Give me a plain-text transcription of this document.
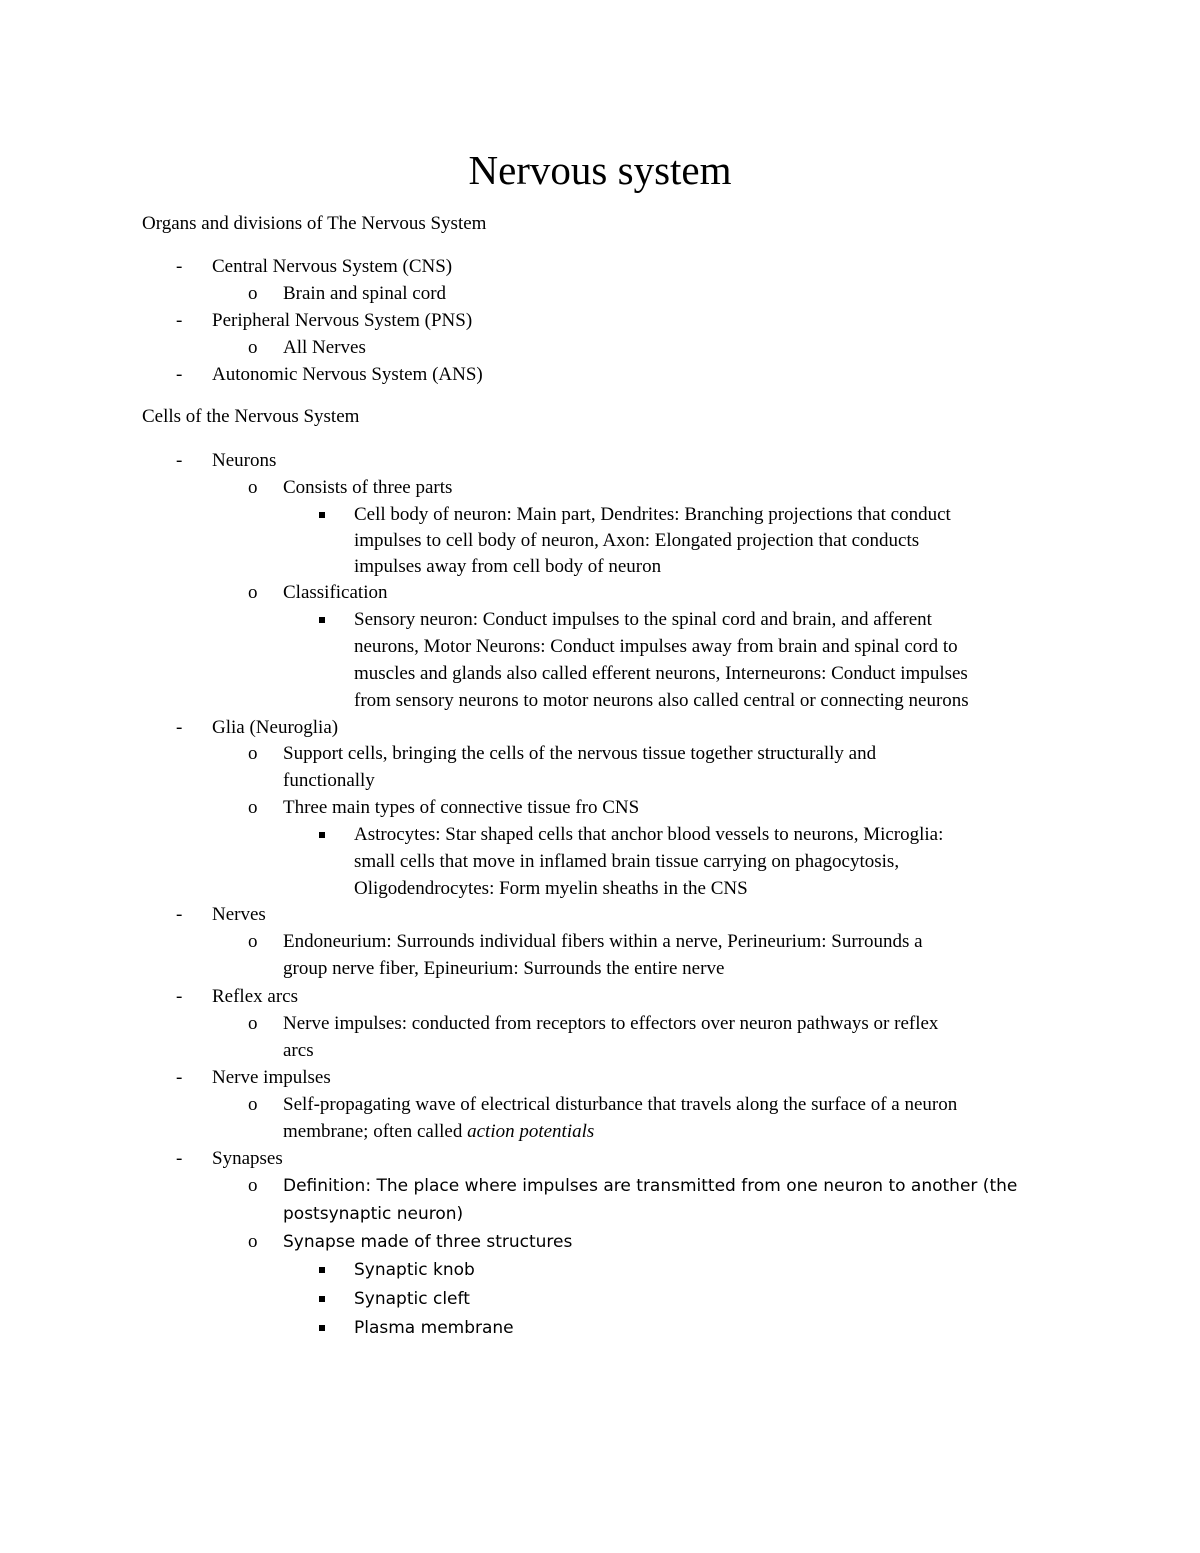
Nervous system
Organs and divisions of The Nervous System
- Central Nervous System (CNS)
o Brain and spinal cord
- Peripheral Nervous System (PNS)
o All Nerves
- Autonomic Nervous System (ANS)
Cells of the Nervous System
- Neurons
o Consists of three parts
Cell body of neuron: Main part, Dendrites: Branching projections that conduct
impulses to cell body of neuron, Axon: Elongated projection that conducts
impulses away from cell body of neuron
o Classification
Sensory neuron: Conduct impulses to the spinal cord and brain, and afferent
neurons, Motor Neurons: Conduct impulses away from brain and spinal cord to
muscles and glands also called efferent neurons, Interneurons: Conduct impulses
from sensory neurons to motor neurons also called central or connecting neurons
- Glia (Neuroglia)
o Support cells, bringing the cells of the nervous tissue together structurally and
functionally
o Three main types of connective tissue fro CNS
Astrocytes: Star shaped cells that anchor blood vessels to neurons, Microglia:
small cells that move in inflamed brain tissue carrying on phagocytosis,
Oligodendrocytes: Form myelin sheaths in the CNS
- Nerves
o Endoneurium: Surrounds individual fibers within a nerve, Perineurium: Surrounds a
group nerve fiber, Epineurium: Surrounds the entire nerve
- Reflex arcs
o Nerve impulses: conducted from receptors to effectors over neuron pathways or reflex
arcs
- Nerve impulses
o Self-propagating wave of electrical disturbance that travels along the surface of a neuron
membrane; often called action potentials
- Synapses
o Definition: The place where impulses are transmitted from one neuron to another (the
postsynaptic neuron)
o Synapse made of three structures
Synaptic knob
Synaptic cleft
Plasma membrane
